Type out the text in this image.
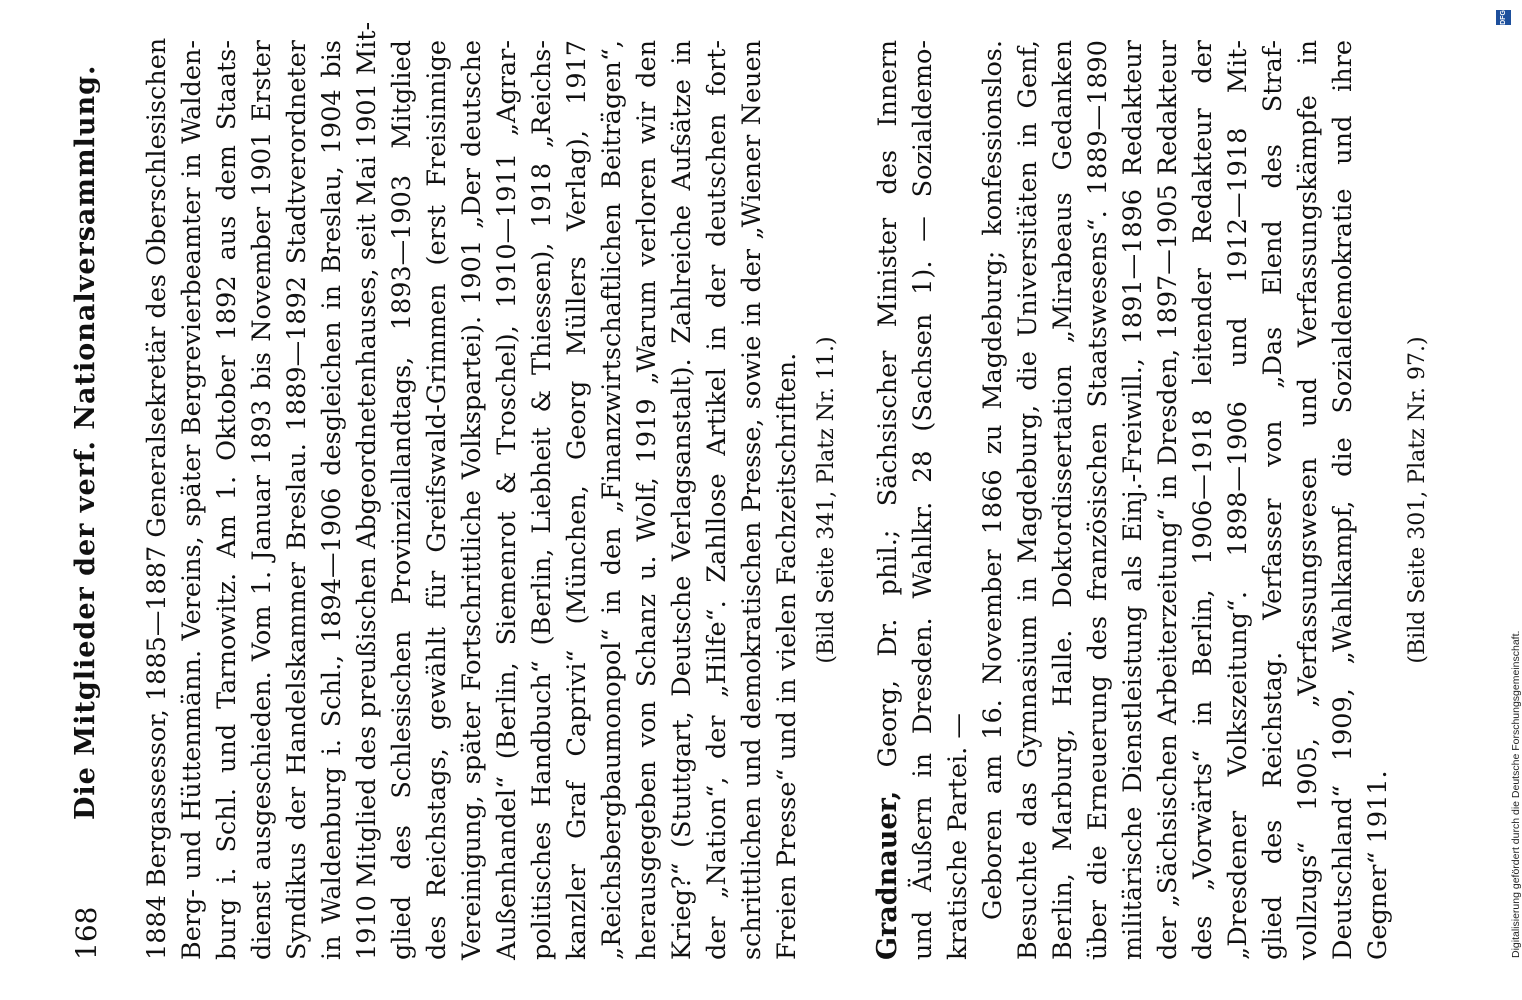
168
Die Mitglieder der verf. Nationalversammlung. 1884 Bergassessor, 1885—1887 Generalsekretär des Oberschlesischen Berg- und Hüttenmänn. Vereins, später Bergrevierbeamter in Walden- burg i. Schl. und Tarnowitz. Am 1. Oktober 1892 aus dem Staats- dienst ausgeschieden. Vom 1. Januar 1893 bis November 1901 Erster Syndikus der Handelskammer Breslau. 1889—1892 Stadtverordneter in Waldenburg i. Schl., 1894—1906 desgleichen in Breslau, 1904 bis 1910 Mitglied des preußischen Abgeordnetenhauses, seit Mai 1901 Mit- glied des Schlesischen Provinziallandtags, 1893—1903 Mitglied des Reichstags, gewählt für Greifswald-Grimmen (erst Freisinnige Vereinigung, später Fortschrittliche Volkspartei). 1901 „Der deutsche Außenhandel“ (Berlin, Siemenrot & Troschel), 1910—1911 „Agrar- politisches Handbuch“ (Berlin, Liebheit & Thiessen), 1918 „Reichs- kanzler Graf Caprivi“ (München, Georg Müllers Verlag), 1917 „Reichsbergbaumonopol“ in den „Finanzwirtschaftlichen Beiträgen“, herausgegeben von Schanz u. Wolf, 1919 „Warum verloren wir den Krieg?“ (Stuttgart, Deutsche Verlagsanstalt). Zahlreiche Aufsätze in der „Nation“, der „Hilfe“. Zahllose Artikel in der deutschen fort- schrittlichen und demokratischen Presse, sowie in der „Wiener Neuen Freien Presse“ und in vielen Fachzeitschriften. (Bild Seite 341, Platz Nr. 11.)
Gradnauer, Georg, Dr. phil.; Sächsischer Minister des Innern und Äußern in Dresden. Wahlkr. 28 (Sachsen 1). — Sozialdemo- kratische Partei. — Geboren am 16. November 1866 zu Magdeburg; konfessionslos. Besuchte das Gymnasium in Magdeburg, die Universitäten in Genf, Berlin, Marburg, Halle. Doktordissertation „Mirabeaus Gedanken über die Erneuerung des französischen Staatswesens“. 1889—1890 militärische Dienstleistung als Einj.-Freiwill., 1891—1896 Redakteur der „Sächsischen Arbeiterzeitung“ in Dresden, 1897—1905 Redakteur des „Vorwärts“ in Berlin, 1906—1918 leitender Redakteur der „Dresdener Volkszeitung“. 1898—1906 und 1912—1918 Mit- glied des Reichstag. Verfasser von „Das Elend des Straf- vollzugs“ 1905, „Verfassungswesen und Verfassungskämpfe in Deutschland“ 1909, „Wahlkampf, die Sozialdemokratie und ihre Gegner“ 1911.
(Bild Seite 301, Platz Nr. 97.)
DFG
Digitalisierung gefördert durch die Deutsche Forschungsgemeinschaft.
